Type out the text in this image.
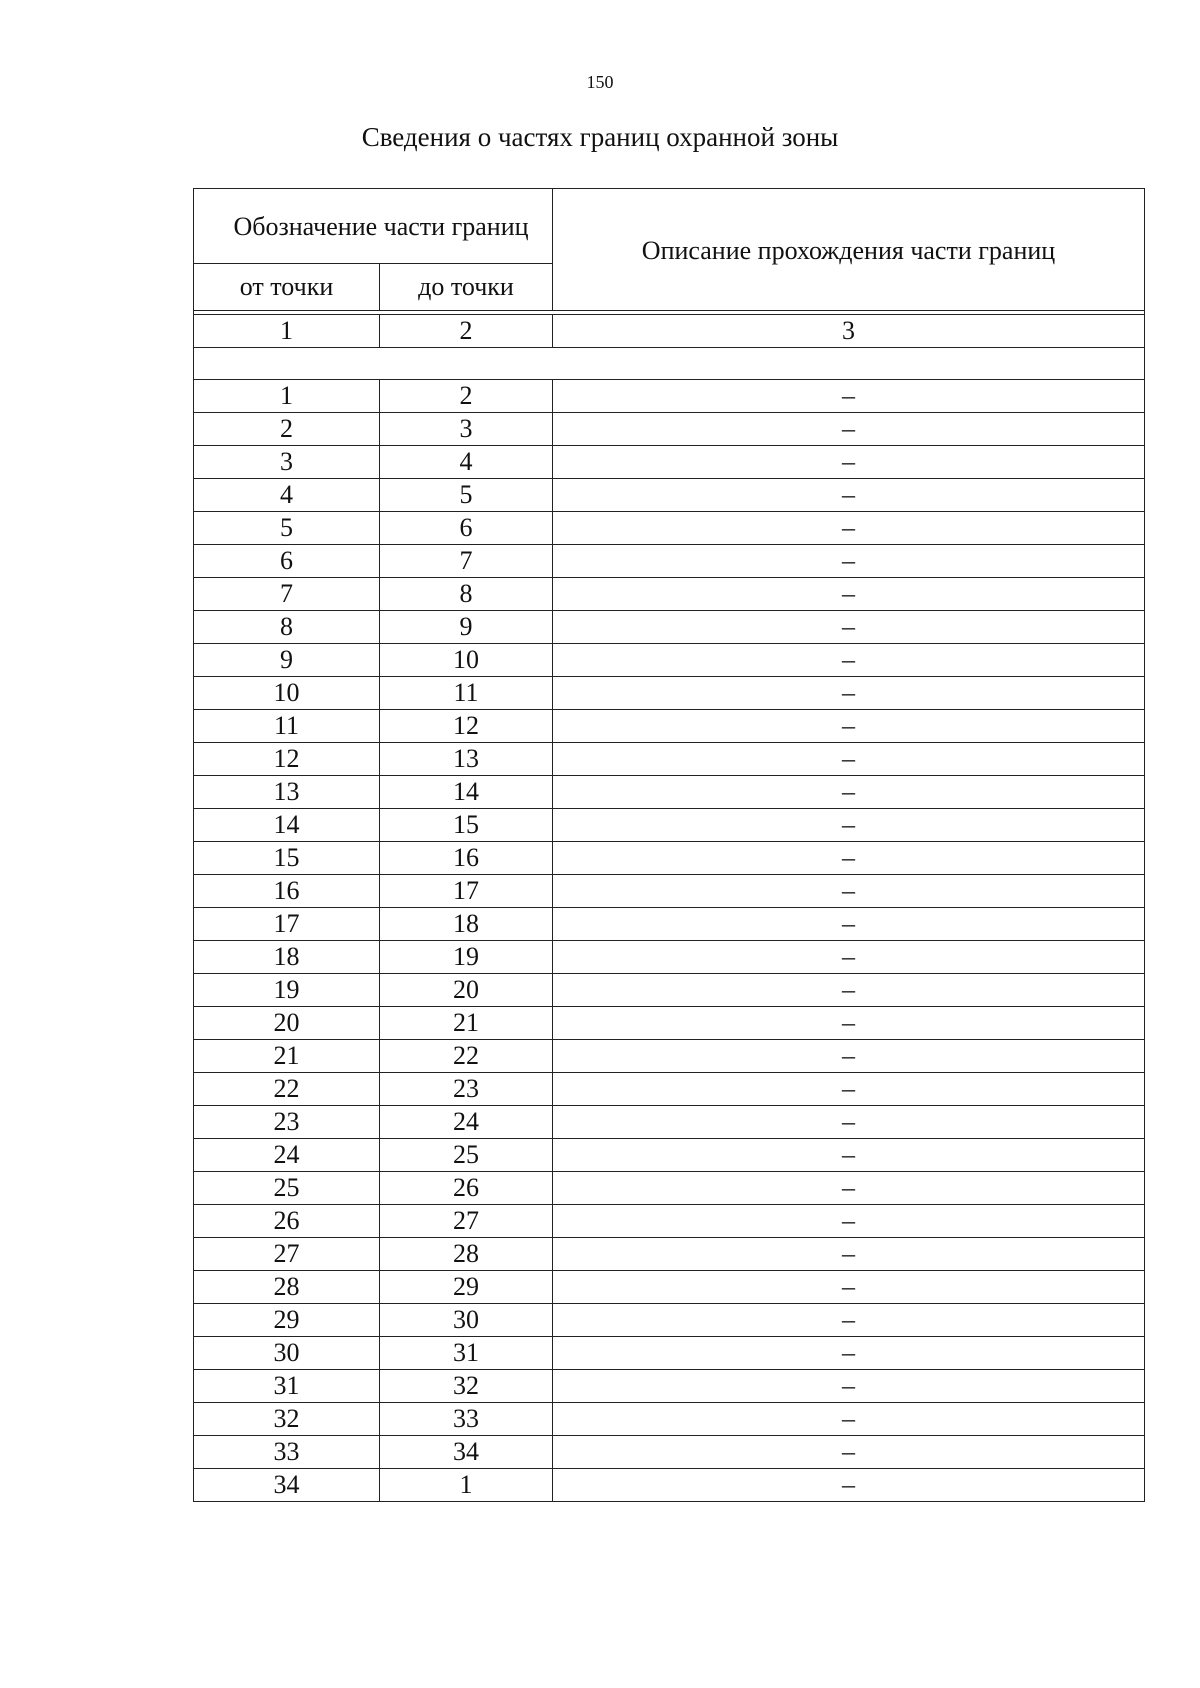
150
Сведения о частях границ охранной зоны
Обозначение части границ		Описание прохождения части границ
от точки	до точки	

1	2	3

1	2	–
2	3	–
3	4	–
4	5	–
5	6	–
6	7	–
7	8	–
8	9	–
9	10	–
10	11	–
11	12	–
12	13	–
13	14	–
14	15	–
15	16	–
16	17	–
17	18	–
18	19	–
19	20	–
20	21	–
21	22	–
22	23	–
23	24	–
24	25	–
25	26	–
26	27	–
27	28	–
28	29	–
29	30	–
30	31	–
31	32	–
32	33	–
33	34	–
34	1	–
